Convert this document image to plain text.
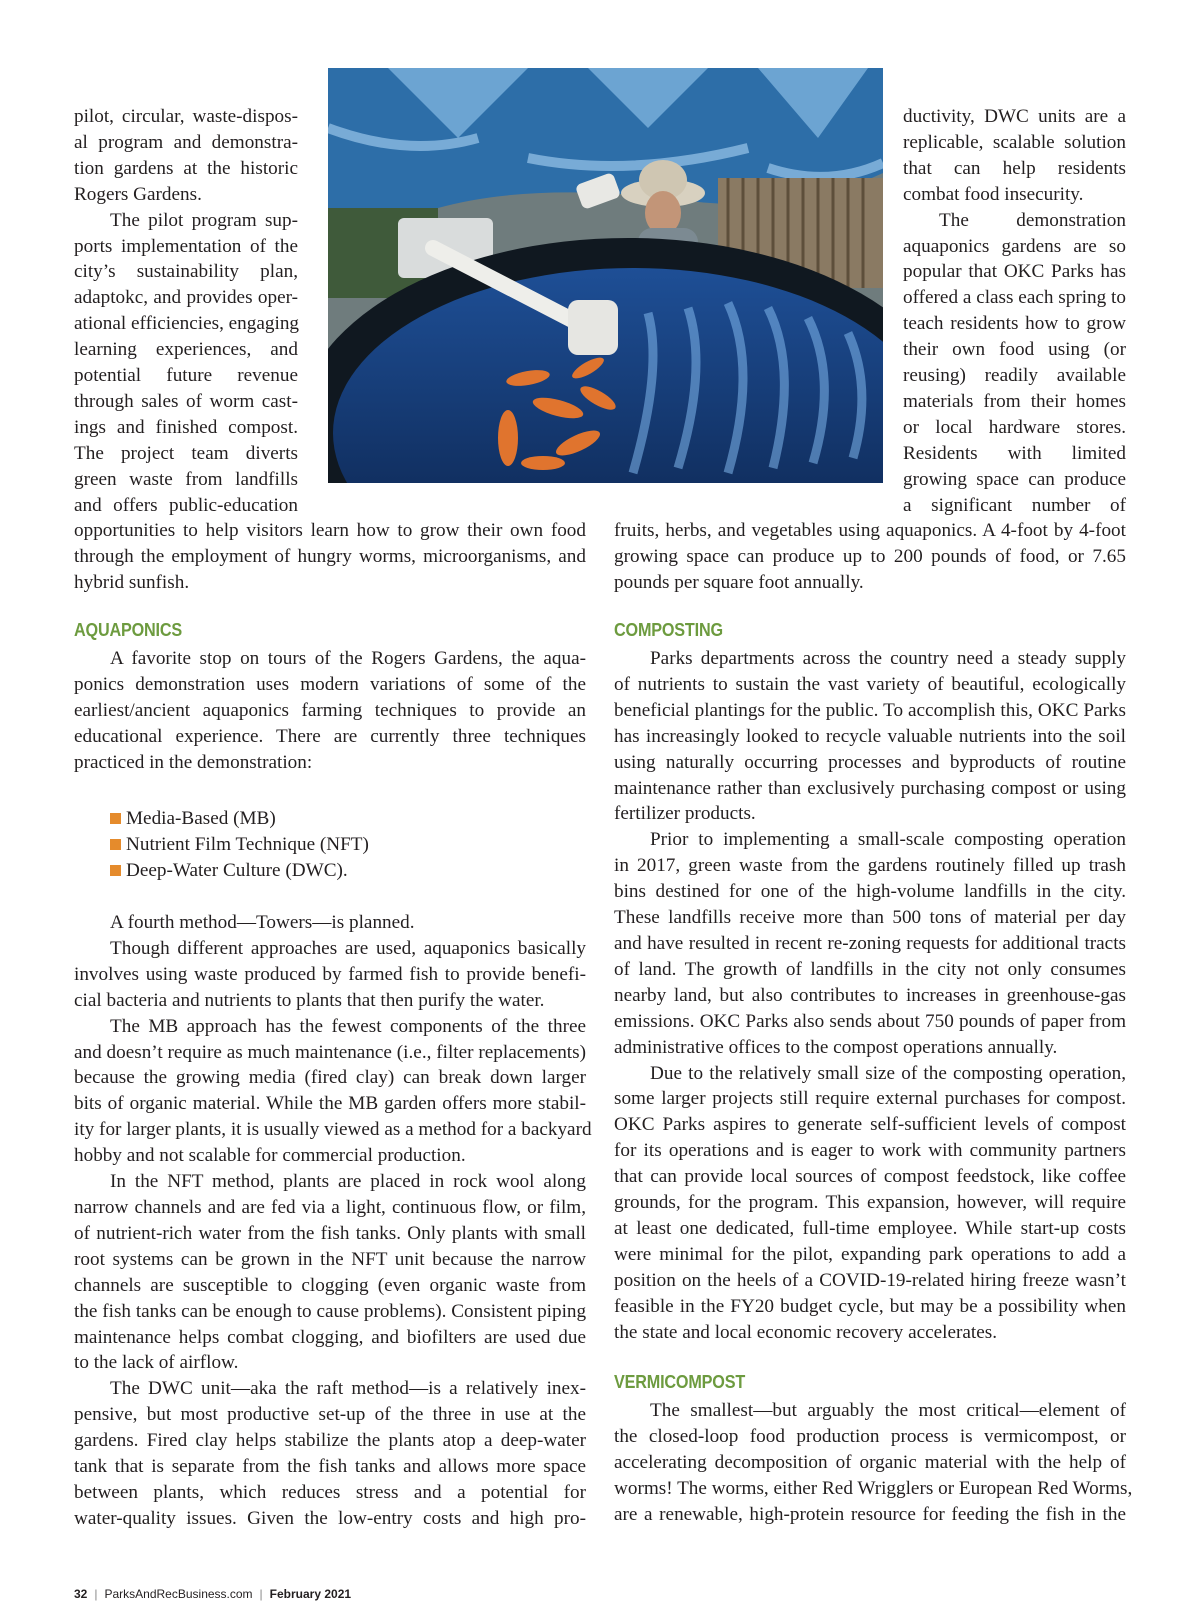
pilot, circular, waste-dispos-
al program and demonstra-
tion gardens at the historic
Rogers Gardens.
The pilot program sup-
ports implementation of the
city’s sustainability plan,
adaptokc, and provides oper-
ational efficiencies, engaging
learning experiences, and
potential future revenue
through sales of worm cast-
ings and finished compost.
The project team diverts
green waste from landfills
and offers public-education
opportunities to help visitors learn how to grow their own food
through the employment of hungry worms, microorganisms, and
hybrid sunfish.
ductivity, DWC units are a
replicable, scalable solution
that can help residents
combat food insecurity.
The demonstration
aquaponics gardens are so
popular that OKC Parks has
offered a class each spring to
teach residents how to grow
their own food using (or
reusing) readily available
materials from their homes
or local hardware stores.
Residents with limited
growing space can produce
a significant number of
fruits, herbs, and vegetables using aquaponics. A 4-foot by 4-foot
growing space can produce up to 200 pounds of food, or 7.65
pounds per square foot annually.
AQUAPONICS
A favorite stop on tours of the Rogers Gardens, the aqua-
ponics demonstration uses modern variations of some of the
earliest/ancient aquaponics farming techniques to provide an
educational experience. There are currently three techniques
practiced in the demonstration:
Media-Based (MB)
Nutrient Film Technique (NFT)
Deep-Water Culture (DWC).
A fourth method—Towers—is planned.
Though different approaches are used, aquaponics basically
involves using waste produced by farmed fish to provide benefi-
cial bacteria and nutrients to plants that then purify the water.
The MB approach has the fewest components of the three
and doesn’t require as much maintenance (i.e., filter replacements)
because the growing media (fired clay) can break down larger
bits of organic material. While the MB garden offers more stabil-
ity for larger plants, it is usually viewed as a method for a backyard
hobby and not scalable for commercial production.
In the NFT method, plants are placed in rock wool along
narrow channels and are fed via a light, continuous flow, or film,
of nutrient-rich water from the fish tanks. Only plants with small
root systems can be grown in the NFT unit because the narrow
channels are susceptible to clogging (even organic waste from
the fish tanks can be enough to cause problems). Consistent piping
maintenance helps combat clogging, and biofilters are used due
to the lack of airflow.
The DWC unit—aka the raft method—is a relatively inex-
pensive, but most productive set-up of the three in use at the
gardens. Fired clay helps stabilize the plants atop a deep-water
tank that is separate from the fish tanks and allows more space
between plants, which reduces stress and a potential for
water-quality issues. Given the low-entry costs and high pro-
COMPOSTING
Parks departments across the country need a steady supply
of nutrients to sustain the vast variety of beautiful, ecologically
beneficial plantings for the public. To accomplish this, OKC Parks
has increasingly looked to recycle valuable nutrients into the soil
using naturally occurring processes and byproducts of routine
maintenance rather than exclusively purchasing compost or using
fertilizer products.
Prior to implementing a small-scale composting operation
in 2017, green waste from the gardens routinely filled up trash
bins destined for one of the high-volume landfills in the city.
These landfills receive more than 500 tons of material per day
and have resulted in recent re-zoning requests for additional tracts
of land. The growth of landfills in the city not only consumes
nearby land, but also contributes to increases in greenhouse-gas
emissions. OKC Parks also sends about 750 pounds of paper from
administrative offices to the compost operations annually.
Due to the relatively small size of the composting operation,
some larger projects still require external purchases for compost.
OKC Parks aspires to generate self-sufficient levels of compost
for its operations and is eager to work with community partners
that can provide local sources of compost feedstock, like coffee
grounds, for the program. This expansion, however, will require
at least one dedicated, full-time employee. While start-up costs
were minimal for the pilot, expanding park operations to add a
position on the heels of a COVID-19-related hiring freeze wasn’t
feasible in the FY20 budget cycle, but may be a possibility when
the state and local economic recovery accelerates.
VERMICOMPOST
The smallest—but arguably the most critical—element of
the closed-loop food production process is vermicompost, or
accelerating decomposition of organic material with the help of
worms! The worms, either Red Wrigglers or European Red Worms,
are a renewable, high-protein resource for feeding the fish in the
32 | ParksAndRecBusiness.com | February 2021
